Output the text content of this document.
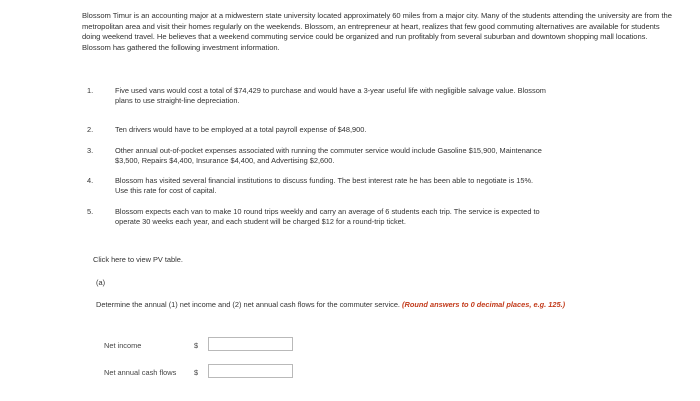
Blossom Timur is an accounting major at a midwestern state university located approximately 60 miles from a major city. Many of the students attending the university are from the metropolitan area and visit their homes regularly on the weekends. Blossom, an entrepreneur at heart, realizes that few good commuting alternatives are available for students doing weekend travel. He believes that a weekend commuting service could be organized and run profitably from several suburban and downtown shopping mall locations. Blossom has gathered the following investment information.
1.	Five used vans would cost a total of $74,429 to purchase and would have a 3-year useful life with negligible salvage value. Blossom plans to use straight-line depreciation.
2.	Ten drivers would have to be employed at a total payroll expense of $48,900.
3.	Other annual out-of-pocket expenses associated with running the commuter service would include Gasoline $15,900, Maintenance $3,500, Repairs $4,400, Insurance $4,400, and Advertising $2,600.
4.	Blossom has visited several financial institutions to discuss funding. The best interest rate he has been able to negotiate is 15%. Use this rate for cost of capital.
5.	Blossom expects each van to make 10 round trips weekly and carry an average of 6 students each trip. The service is expected to operate 30 weeks each year, and each student will be charged $12 for a round-trip ticket.
Click here to view PV table.
(a)
Determine the annual (1) net income and (2) net annual cash flows for the commuter service. (Round answers to 0 decimal places, e.g. 125.)
Net income	$
Net annual cash flows $
